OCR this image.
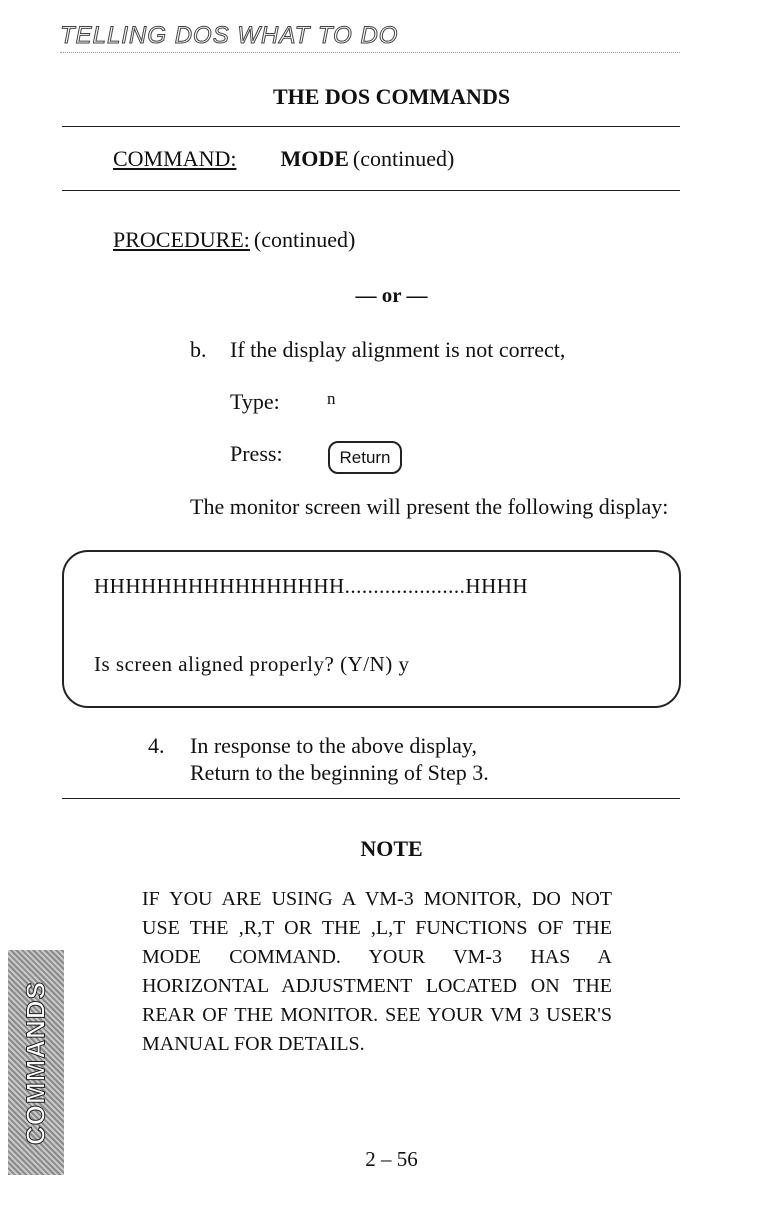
TELLING DOS WHAT TO DO
THE DOS COMMANDS
COMMAND: MODE (continued)
PROCEDURE: (continued)
— or —
b. If the display alignment is not correct,
Type:	n
Press:	Return
The monitor screen will present the following display:
HHHHHHHHHHHHHHHH.....................HHHH
Is screen aligned properly? (Y/N) y
4. In response to the above display,
Return to the beginning of Step 3.
NOTE
IF YOU ARE USING A VM-3 MONITOR, DO NOT USE THE ,R,T OR THE ,L,T FUNCTIONS OF THE MODE COMMAND. YOUR VM-3 HAS A HORIZONTAL ADJUSTMENT LOCATED ON THE REAR OF THE MONITOR. SEE YOUR VM 3 USER'S MANUAL FOR DETAILS.
COMMANDS
2 – 56
